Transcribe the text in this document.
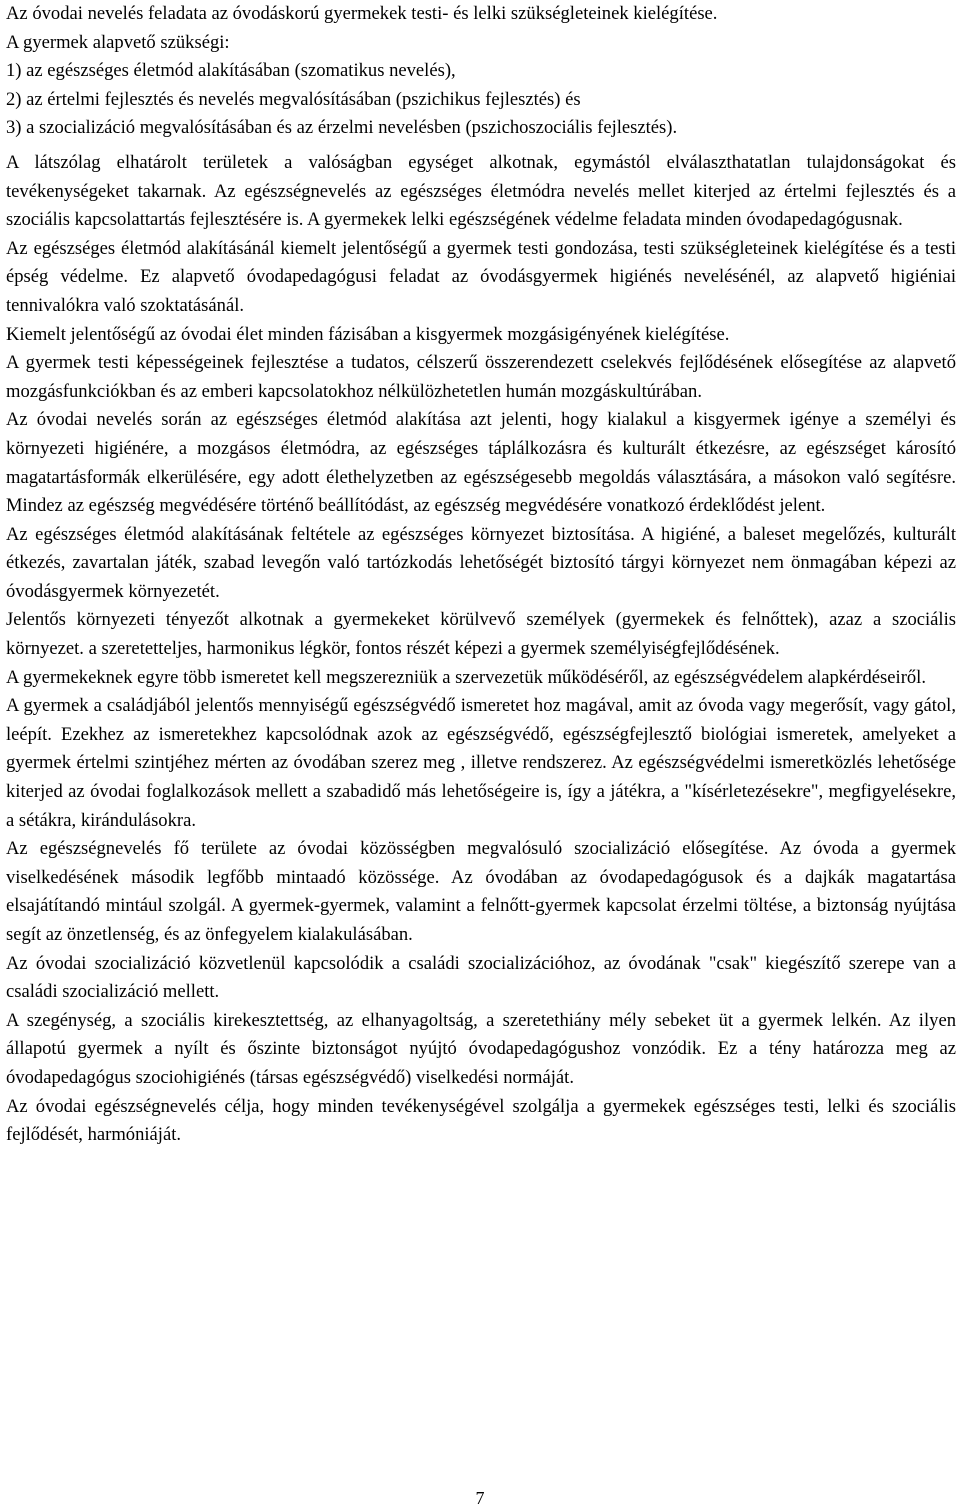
Az óvodai nevelés feladata az óvodáskorú gyermekek testi- és lelki szükségleteinek kielégítése.

A gyermek alapvető szükségi:

1) az egészséges életmód alakításában (szomatikus nevelés),

2) az értelmi fejlesztés és nevelés megvalósításában (pszichikus fejlesztés) és

3) a szocializáció megvalósításában és az érzelmi nevelésben (pszichoszociális fejlesztés).

A látszólag elhatárolt területek a valóságban egységet alkotnak, egymástól elválaszthatatlan tulajdonságokat és tevékenységeket takarnak. Az egészségnevelés az egészséges életmódra nevelés mellet kiterjed az értelmi fejlesztés és a szociális kapcsolattartás fejlesztésére is. A gyermekek lelki egészségének védelme feladata minden óvodapedagógusnak.

Az egészséges életmód alakításánál kiemelt jelentőségű a gyermek testi gondozása, testi szükségleteinek kielégítése és a testi épség védelme. Ez alapvető óvodapedagógusi feladat az óvodásgyermek higiénés nevelésénél, az alapvető higiéniai tennivalókra való szoktatásánál.

Kiemelt jelentőségű az óvodai élet minden fázisában a kisgyermek mozgásigényének kielégítése.

A gyermek testi képességeinek fejlesztése a tudatos, célszerű összerendezett cselekvés fejlődésének elősegítése az alapvető mozgásfunkciókban és az emberi kapcsolatokhoz nélkülözhetetlen humán mozgáskultúrában.

Az óvodai nevelés során az egészséges életmód alakítása azt jelenti, hogy kialakul a kisgyermek igénye a személyi és környezeti higiénére, a mozgásos életmódra, az egészséges táplálkozásra és kulturált étkezésre, az egészséget károsító magatartásformák elkerülésére, egy adott élethelyzetben az egészségesebb megoldás választására, a másokon való segítésre. Mindez az egészség megvédésére történő beállítódást, az egészség megvédésére vonatkozó érdeklődést jelent.

Az egészséges életmód alakításának feltétele az egészséges környezet biztosítása. A higiéné, a baleset megelőzés, kulturált étkezés, zavartalan játék, szabad levegőn való tartózkodás lehetőségét biztosító tárgyi környezet nem önmagában képezi az óvodásgyermek környezetét.

Jelentős környezeti tényezőt alkotnak a gyermekeket körülvevő személyek (gyermekek és felnőttek), azaz a szociális környezet. a szeretetteljes, harmonikus légkör, fontos részét képezi a gyermek személyiségfejlődésének.

A gyermekeknek egyre több ismeretet kell megszerezniük a szervezetük működéséről, az egészségvédelem alapkérdéseiről.

A gyermek a családjából jelentős mennyiségű egészségvédő ismeretet hoz magával, amit az óvoda vagy megerősít, vagy gátol, leépít. Ezekhez az ismeretekhez kapcsolódnak azok az egészségvédő, egészségfejlesztő biológiai ismeretek, amelyeket a gyermek értelmi szintjéhez mérten az óvodában szerez meg , illetve rendszerez. Az egészségvédelmi ismeretközlés lehetősége kiterjed az óvodai foglalkozások mellett a szabadidő más lehetőségeire is, így a játékra, a "kísérletezésekre", megfigyelésekre, a sétákra, kirándulásokra.

Az egészségnevelés fő területe az óvodai közösségben megvalósuló szocializáció elősegítése. Az óvoda a gyermek viselkedésének második legfőbb mintaadó közössége. Az óvodában az óvodapedagógusok és a dajkák magatartása elsajátítandó mintául szolgál. A gyermek-gyermek, valamint a felnőtt-gyermek kapcsolat érzelmi töltése, a biztonság nyújtása segít az önzetlenség, és az önfegyelem kialakulásában.

Az óvodai szocializáció közvetlenül kapcsolódik a családi szocializációhoz, az óvodának "csak" kiegészítő szerepe van a családi szocializáció mellett.

A szegénység, a szociális kirekesztettség, az elhanyagoltság, a szeretethiány mély sebeket üt a gyermek lelkén. Az ilyen állapotú gyermek a nyílt és őszinte biztonságot nyújtó óvodapedagógushoz vonzódik. Ez a tény határozza meg az óvodapedagógus szociohigiénés (társas egészségvédő) viselkedési normáját.

Az óvodai egészségnevelés célja, hogy minden tevékenységével szolgálja a gyermekek egészséges testi, lelki és szociális fejlődését, harmóniáját.

7
